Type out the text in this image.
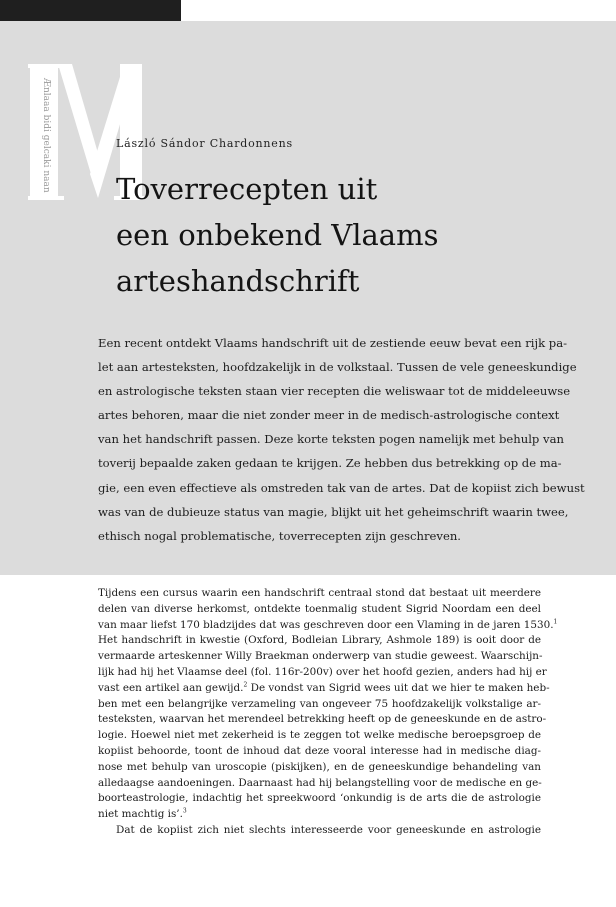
Ænlaaa bidi gelcaki naan	László Sándor Chardonnens
Toverrecepten uit
een onbekend Vlaams
arteshandschrift
Een recent ontdekt Vlaams handschrift uit de zestiende eeuw bevat een rijk pa-
let aan artesteksten, hoofdzakelijk in de volkstaal. Tussen de vele geneeskundige
en astrologische teksten staan vier recepten die weliswaar tot de middeleeuwse
artes behoren, maar die niet zonder meer in de medisch-astrologische context
van het handschrift passen. Deze korte teksten pogen namelijk met behulp van
toverij bepaalde zaken gedaan te krijgen. Ze hebben dus betrekking op de ma-
gie, een even effectieve als omstreden tak van de artes. Dat de kopiist zich bewust
was van de dubieuze status van magie, blijkt uit het geheimschrift waarin twee,
ethisch nogal problematische, toverrecepten zijn geschreven.
Tijdens een cursus waarin een handschrift centraal stond dat bestaat uit meerdere
delen van diverse herkomst, ontdekte toenmalig student Sigrid Noordam een deel
van maar liefst 170 bladzijdes dat was geschreven door een Vlaming in de jaren 1530.$^1$
Het handschrift in kwestie (Oxford, Bodleian Library, Ashmole 189) is ooit door de
vermaarde arteskenner Willy Braekman onderwerp van studie geweest. Waarschijn-
lijk had hij het Vlaamse deel (fol. 116r-200v) over het hoofd gezien, anders had hij er
vast een artikel aan gewijd.$^2$ De vondst van Sigrid wees uit dat we hier te maken heb-
ben met een belangrijke verzameling van ongeveer 75 hoofdzakelijk volkstalige ar-
testeksten, waarvan het merendeel betrekking heeft op de geneeskunde en de astro-
logie. Hoewel niet met zekerheid is te zeggen tot welke medische beroepsgroep de
kopiist behoorde, toont de inhoud dat deze vooral interesse had in medische diag-
nose met behulp van uroscopie (piskijken), en de geneeskundige behandeling van
alledaagse aandoeningen. Daarnaast had hij belangstelling voor de medische en ge-
boorteastrologie, indachtig het spreekwoord ‘onkundig is de arts die de astrologie
niet machtig is’.$^3$
Dat de kopiist zich niet slechts interesseerde voor geneeskunde en astrologie
